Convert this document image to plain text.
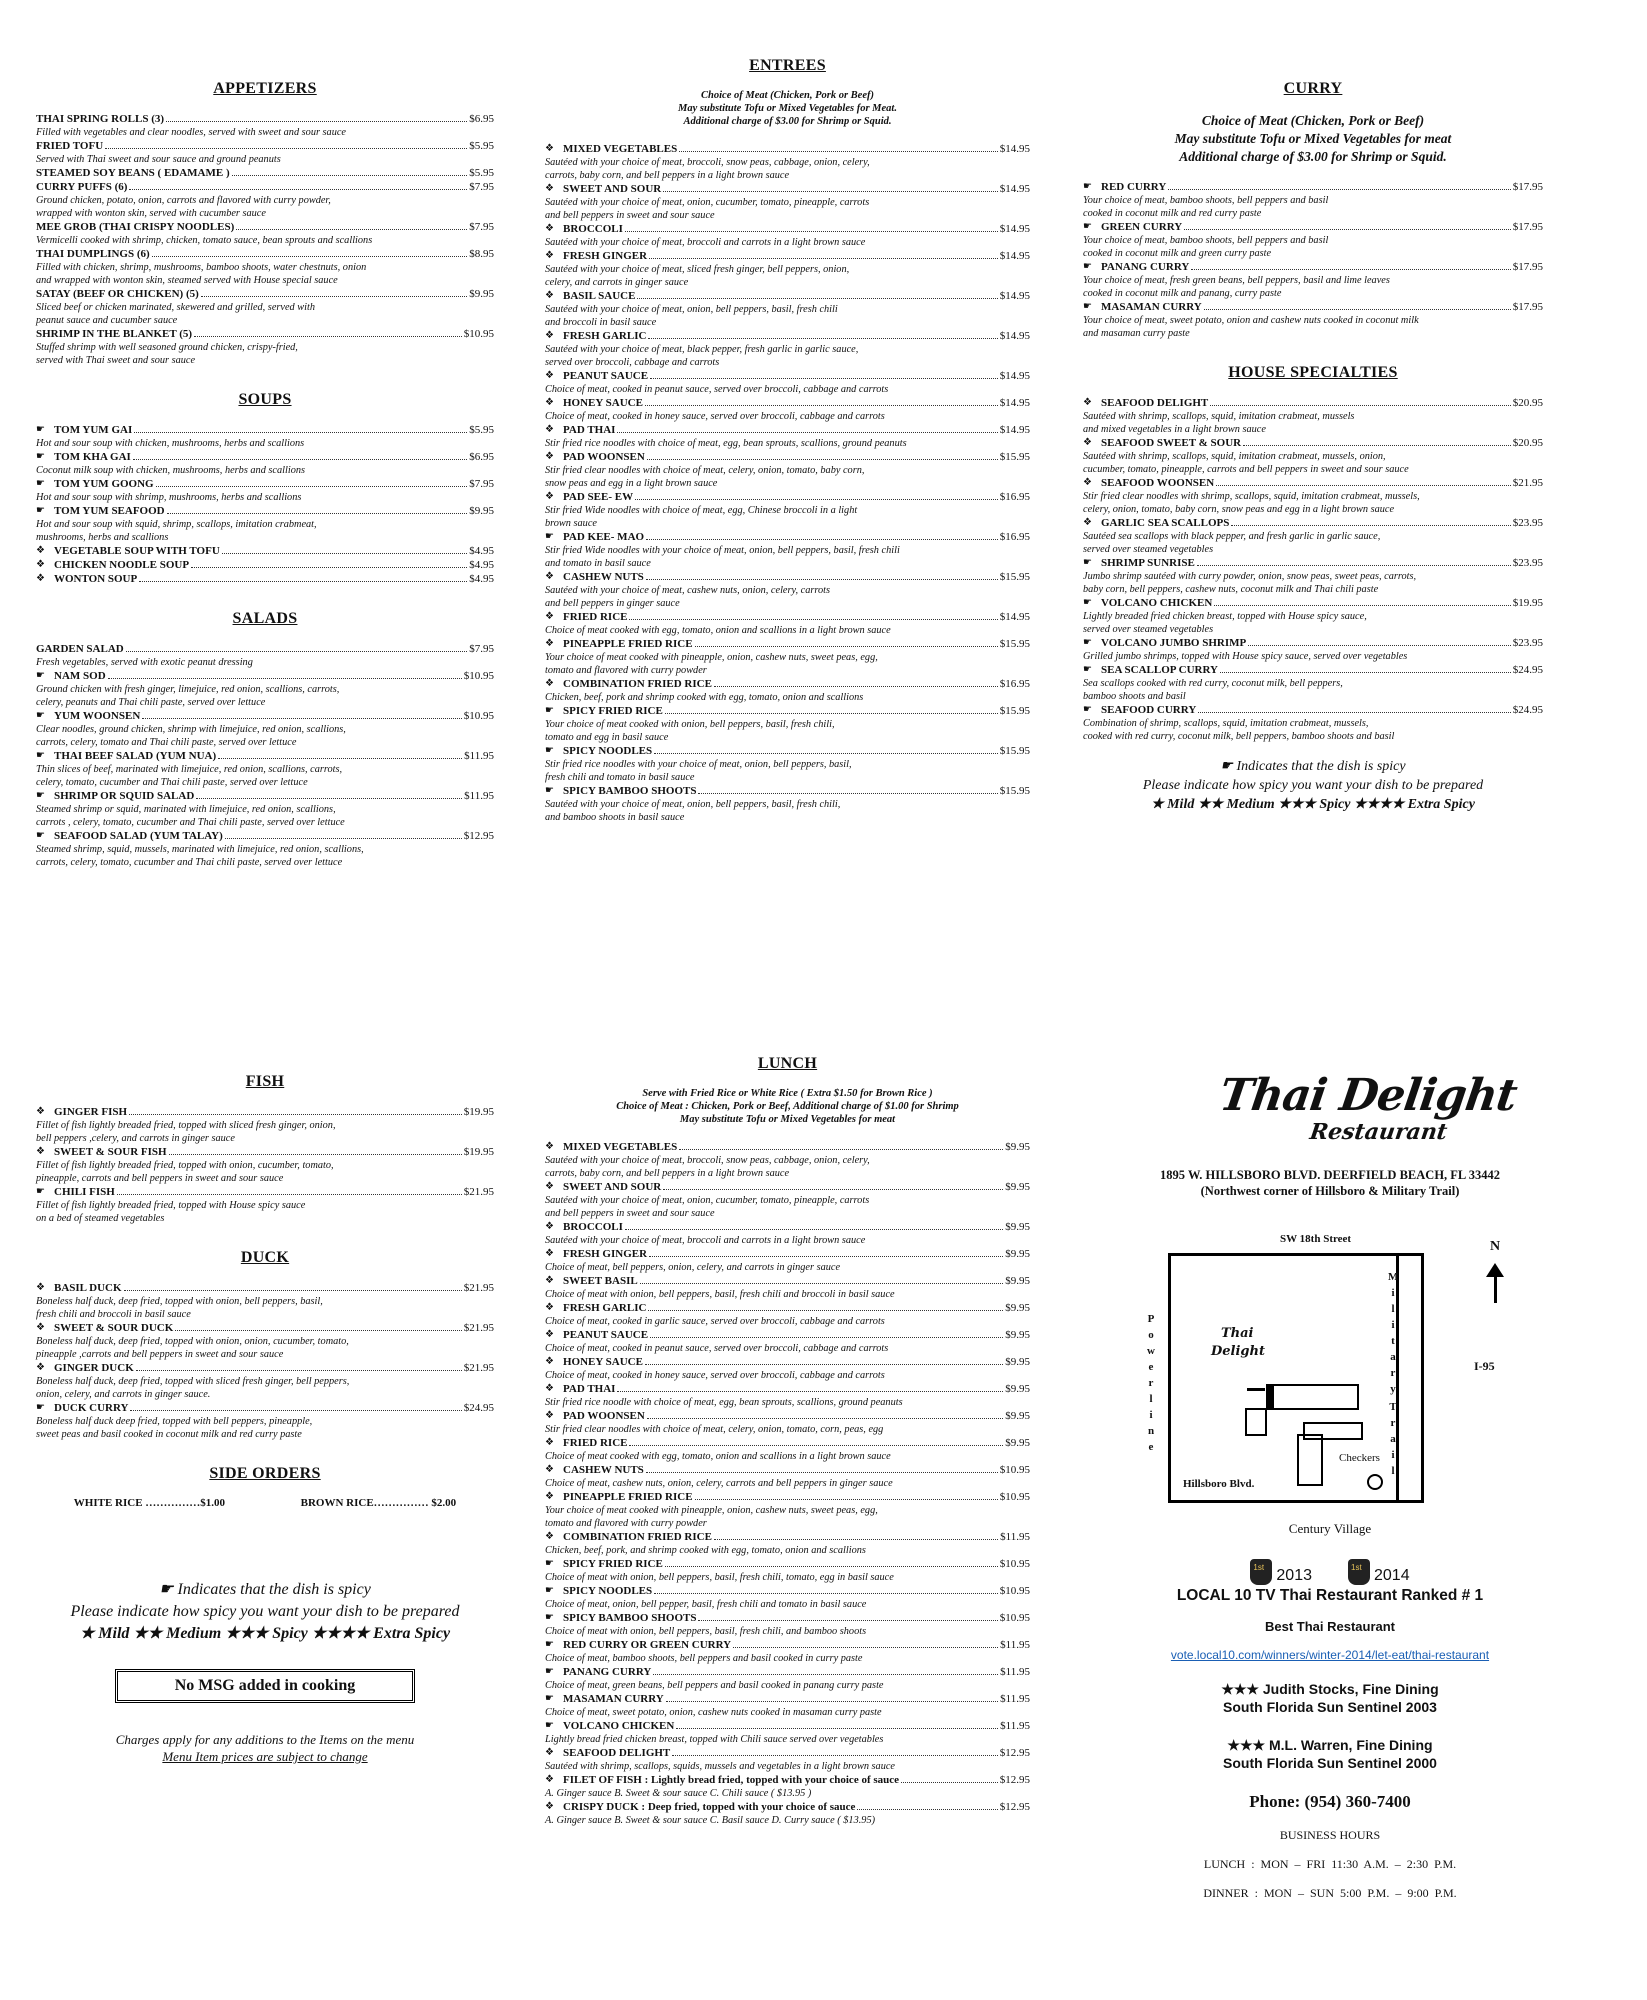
APPETIZERS
THAI SPRING ROLLS (3)	$6.95
Filled with vegetables and clear noodles, served with sweet and sour sauce
FRIED TOFU	$5.95
Served with Thai sweet and sour sauce and ground peanuts
STEAMED SOY BEANS ( EDAMAME )	$5.95
CURRY PUFFS (6)	$7.95
Ground chicken, potato, onion, carrots and flavored with curry powder,
wrapped with wonton skin, served with cucumber sauce
MEE GROB (THAI CRISPY NOODLES)	$7.95
Vermicelli cooked with shrimp, chicken, tomato sauce, bean sprouts and scallions
THAI DUMPLINGS (6)	$8.95
Filled with chicken, shrimp, mushrooms, bamboo shoots, water chestnuts, onion
and wrapped with wonton skin, steamed served with House special sauce
SATAY (BEEF OR CHICKEN) (5)	$9.95
Sliced beef or chicken marinated, skewered and grilled, served with
peanut sauce and cucumber sauce
SHRIMP IN THE BLANKET (5)	$10.95
Stuffed shrimp with well seasoned ground chicken, crispy-fried,
served with Thai sweet and sour sauce
SOUPS
☛ TOM YUM GAI	$5.95
Hot and sour soup with chicken, mushrooms, herbs and scallions
☛ TOM KHA GAI	$6.95
Coconut milk soup with chicken, mushrooms, herbs and scallions
☛ TOM YUM GOONG	$7.95
Hot and sour soup with shrimp, mushrooms, herbs and scallions
☛ TOM YUM SEAFOOD	$9.95
Hot and sour soup with squid, shrimp, scallops, imitation crabmeat,
mushrooms, herbs and scallions
❖ VEGETABLE SOUP WITH TOFU	$4.95
❖ CHICKEN NOODLE SOUP	$4.95
❖ WONTON SOUP	$4.95
SALADS
GARDEN SALAD	$7.95
Fresh vegetables, served with exotic peanut dressing
☛ NAM SOD	$10.95
Ground chicken with fresh ginger, limejuice, red onion, scallions, carrots,
celery, peanuts and Thai chili paste, served over lettuce
☛ YUM WOONSEN	$10.95
Clear noodles, ground chicken, shrimp with limejuice, red onion, scallions,
carrots, celery, tomato and Thai chili paste, served over lettuce
☛ THAI BEEF SALAD (YUM NUA)	$11.95
Thin slices of beef, marinated with limejuice, red onion, scallions, carrots,
celery, tomato, cucumber and Thai chili paste, served over lettuce
☛ SHRIMP OR SQUID SALAD	$11.95
Steamed shrimp or squid, marinated with limejuice, red onion, scallions,
carrots , celery, tomato, cucumber and Thai chili paste, served over lettuce
☛ SEAFOOD SALAD (YUM TALAY)	$12.95
Steamed shrimp, squid, mussels, marinated with limejuice, red onion, scallions,
carrots, celery, tomato, cucumber and Thai chili paste, served over lettuce
ENTREES
Choice of Meat (Chicken, Pork or Beef)
May substitute Tofu or Mixed Vegetables for Meat.
Additional charge of $3.00 for Shrimp or Squid.
❖ MIXED VEGETABLES	$14.95
Sautéed with your choice of meat, broccoli, snow peas, cabbage, onion, celery,
carrots, baby corn, and bell peppers in a light brown sauce
❖ SWEET AND SOUR	$14.95
Sautéed with your choice of meat, onion, cucumber, tomato, pineapple, carrots
and bell peppers in sweet and sour sauce
❖ BROCCOLI	$14.95
Sautéed with your choice of meat, broccoli and carrots in a light brown sauce
❖ FRESH GINGER	$14.95
Sautéed with your choice of meat, sliced fresh ginger, bell peppers, onion,
celery, and carrots in ginger sauce
❖ BASIL SAUCE	$14.95
Sautéed with your choice of meat, onion, bell peppers, basil, fresh chili
and broccoli in basil sauce
❖ FRESH GARLIC	$14.95
Sautéed with your choice of meat, black pepper, fresh garlic in garlic sauce,
served over broccoli, cabbage and carrots
❖ PEANUT SAUCE	$14.95
Choice of meat, cooked in peanut sauce, served over broccoli, cabbage and carrots
❖ HONEY SAUCE	$14.95
Choice of meat, cooked in honey sauce, served over broccoli, cabbage and carrots
❖ PAD THAI	$14.95
Stir fried rice noodles with choice of meat, egg, bean sprouts, scallions, ground peanuts
❖ PAD WOONSEN	$15.95
Stir fried clear noodles with choice of meat, celery, onion, tomato, baby corn,
snow peas and egg in a light brown sauce
❖ PAD SEE- EW	$16.95
Stir fried Wide noodles with choice of meat, egg, Chinese broccoli in a light
brown sauce
☛ PAD KEE- MAO	$16.95
Stir fried Wide noodles with your choice of meat, onion, bell peppers, basil, fresh chili
and tomato in basil sauce
❖ CASHEW NUTS	$15.95
Sautéed with your choice of meat, cashew nuts, onion, celery, carrots
and bell peppers in ginger sauce
❖ FRIED RICE	$14.95
Choice of meat cooked with egg, tomato, onion and scallions in a light brown sauce
❖ PINEAPPLE FRIED RICE	$15.95
Your choice of meat cooked with pineapple, onion, cashew nuts, sweet peas, egg,
tomato and flavored with curry powder
❖ COMBINATION FRIED RICE	$16.95
Chicken, beef, pork and shrimp cooked with egg, tomato, onion and scallions
☛ SPICY FRIED RICE	$15.95
Your choice of meat cooked with onion, bell peppers, basil, fresh chili,
tomato and egg in basil sauce
☛ SPICY NOODLES	$15.95
Stir fried rice noodles with your choice of meat, onion, bell peppers, basil,
fresh chili and tomato in basil sauce
☛ SPICY BAMBOO SHOOTS	$15.95
Sautéed with your choice of meat, onion, bell peppers, basil, fresh chili,
and bamboo shoots in basil sauce
CURRY
Choice of Meat (Chicken, Pork or Beef)
May substitute Tofu or Mixed Vegetables for meat
Additional charge of $3.00 for Shrimp or Squid.
☛ RED CURRY	$17.95
Your choice of meat, bamboo shoots, bell peppers and basil
cooked in coconut milk and red curry paste
☛ GREEN CURRY	$17.95
Your choice of meat, bamboo shoots, bell peppers and basil
cooked in coconut milk and green curry paste
☛ PANANG CURRY	$17.95
Your choice of meat, fresh green beans, bell peppers, basil and lime leaves
cooked in coconut milk and panang, curry paste
☛ MASAMAN CURRY	$17.95
Your choice of meat, sweet potato, onion and cashew nuts cooked in coconut milk
and masaman curry paste
HOUSE SPECIALTIES
❖ SEAFOOD DELIGHT	$20.95
Sautéed with shrimp, scallops, squid, imitation crabmeat, mussels
and mixed vegetables in a light brown sauce
❖ SEAFOOD SWEET & SOUR	$20.95
Sautéed with shrimp, scallops, squid, imitation crabmeat, mussels, onion,
cucumber, tomato, pineapple, carrots and bell peppers in sweet and sour sauce
❖ SEAFOOD WOONSEN	$21.95
Stir fried clear noodles with shrimp, scallops, squid, imitation crabmeat, mussels,
celery, onion, tomato, baby corn, snow peas and egg in a light brown sauce
❖ GARLIC SEA SCALLOPS	$23.95
Sautéed sea scallops with black pepper, and fresh garlic in garlic sauce,
served over steamed vegetables
☛ SHRIMP SUNRISE	$23.95
Jumbo shrimp sautéed with curry powder, onion, snow peas, sweet peas, carrots,
baby corn, bell peppers, cashew nuts, coconut milk and Thai chili paste
☛ VOLCANO CHICKEN	$19.95
Lightly breaded fried chicken breast, topped with House spicy sauce,
served over steamed vegetables
☛ VOLCANO JUMBO SHRIMP	$23.95
Grilled jumbo shrimps, topped with House spicy sauce, served over vegetables
☛ SEA SCALLOP CURRY	$24.95
Sea scallops cooked with red curry, coconut milk, bell peppers,
bamboo shoots and basil
☛ SEAFOOD CURRY	$24.95
Combination of shrimp, scallops, squid, imitation crabmeat, mussels,
cooked with red curry, coconut milk, bell peppers, bamboo shoots and basil
☛ Indicates that the dish is spicy
Please indicate how spicy you want your dish to be prepared
★ Mild ★★ Medium ★★★ Spicy ★★★★ Extra Spicy
FISH
❖ GINGER FISH	$19.95
Fillet of fish lightly breaded fried, topped with sliced fresh ginger, onion,
bell peppers ,celery, and carrots in ginger sauce
❖ SWEET & SOUR FISH	$19.95
Fillet of fish lightly breaded fried, topped with onion, cucumber, tomato,
pineapple, carrots and bell peppers in sweet and sour sauce
☛ CHILI FISH	$21.95
Fillet of fish lightly breaded fried, topped with House spicy sauce
on a bed of steamed vegetables
DUCK
❖ BASIL DUCK	$21.95
Boneless half duck, deep fried, topped with onion, bell peppers, basil,
fresh chili and broccoli in basil sauce
❖ SWEET & SOUR DUCK	$21.95
Boneless half duck, deep fried, topped with onion, onion, cucumber, tomato,
pineapple ,carrots and bell peppers in sweet and sour sauce
❖ GINGER DUCK	$21.95
Boneless half duck, deep fried, topped with sliced fresh ginger, bell peppers,
onion, celery, and carrots in ginger sauce.
☛ DUCK CURRY	$24.95
Boneless half duck deep fried, topped with bell peppers, pineapple,
sweet peas and basil cooked in coconut milk and red curry paste
SIDE ORDERS
WHITE RICE ……………$1.00	BROWN RICE…………… $2.00
☛ Indicates that the dish is spicy
Please indicate how spicy you want your dish to be prepared
★ Mild ★★ Medium ★★★ Spicy ★★★★ Extra Spicy
No MSG added in cooking
Charges apply for any additions to the Items on the menu
Menu Item prices are subject to change
LUNCH
Serve with Fried Rice or White Rice ( Extra $1.50 for Brown Rice )
Choice of Meat : Chicken, Pork or Beef, Additional charge of $1.00 for Shrimp
May substitute Tofu or Mixed Vegetables for meat
❖ MIXED VEGETABLES	$9.95
Sautéed with your choice of meat, broccoli, snow peas, cabbage, onion, celery,
carrots, baby corn, and bell peppers in a light brown sauce
❖ SWEET AND SOUR	$9.95
Sautéed with your choice of meat, onion, cucumber, tomato, pineapple, carrots
and bell peppers in sweet and sour sauce
❖ BROCCOLI	$9.95
Sautéed with your choice of meat, broccoli and carrots in a light brown sauce
❖ FRESH GINGER	$9.95
Choice of meat, bell peppers, onion, celery, and carrots in ginger sauce
❖ SWEET BASIL	$9.95
Choice of meat with onion, bell peppers, basil, fresh chili and broccoli in basil sauce
❖ FRESH GARLIC	$9.95
Choice of meat, cooked in garlic sauce, served over broccoli, cabbage and carrots
❖ PEANUT SAUCE	$9.95
Choice of meat, cooked in peanut sauce, served over broccoli, cabbage and carrots
❖ HONEY SAUCE	$9.95
Choice of meat, cooked in honey sauce, served over broccoli, cabbage and carrots
❖ PAD THAI	$9.95
Stir fried rice noodle with choice of meat, egg, bean sprouts, scallions, ground peanuts
❖ PAD WOONSEN	$9.95
Stir fried clear noodles with choice of meat, celery, onion, tomato, corn, peas, egg
❖ FRIED RICE	$9.95
Choice of meat cooked with egg, tomato, onion and scallions in a light brown sauce
❖ CASHEW NUTS	$10.95
Choice of meat, cashew nuts, onion, celery, carrots and bell peppers in ginger sauce
❖ PINEAPPLE FRIED RICE	$10.95
Your choice of meat cooked with pineapple, onion, cashew nuts, sweet peas, egg,
tomato and flavored with curry powder
❖ COMBINATION FRIED RICE	$11.95
Chicken, beef, pork, and shrimp cooked with egg, tomato, onion and scallions
☛ SPICY FRIED RICE	$10.95
Choice of meat with onion, bell peppers, basil, fresh chili, tomato, egg in basil sauce
☛ SPICY NOODLES	$10.95
Choice of meat, onion, bell pepper, basil, fresh chili and tomato in basil sauce
☛ SPICY BAMBOO SHOOTS	$10.95
Choice of meat with onion, bell peppers, basil, fresh chili, and bamboo shoots
☛ RED CURRY OR GREEN CURRY	$11.95
Choice of meat, bamboo shoots, bell peppers and basil cooked in curry paste
☛ PANANG CURRY	$11.95
Choice of meat, green beans, bell peppers and basil cooked in panang curry paste
☛ MASAMAN CURRY	$11.95
Choice of meat, sweet potato, onion, cashew nuts cooked in masaman curry paste
☛ VOLCANO CHICKEN	$11.95
Lightly bread fried chicken breast, topped with Chili sauce served over vegetables
❖ SEAFOOD DELIGHT	$12.95
Sautéed with shrimp, scallops, squids, mussels and vegetables in a light brown sauce
❖ FILET OF FISH : Lightly bread fried, topped with your choice of sauce	$12.95
A. Ginger sauce B. Sweet & sour sauce C. Chili sauce ( $13.95 )
❖ CRISPY DUCK : Deep fried, topped with your choice of sauce	$12.95
A. Ginger sauce B. Sweet & sour sauce C. Basil sauce D. Curry sauce ( $13.95)
Thai Delight
Restaurant
1895 W. HILLSBORO BLVD. DEERFIELD BEACH, FL 33442
(Northwest corner of Hillsboro & Military Trail)
SW 18th Street
Thai
Delight
Hillsboro Blvd.
Checkers
P
o
w
e
r
l
i
n
e
M
i
l
i
t
a
r
y
T
r
a
i
l
I-95
N
Century Village
1st2013
1st	2014
LOCAL 10 TV Thai Restaurant Ranked # 1
Best Thai Restaurant
vote.local10.com/winners/winter-2014/let-eat/thai-restaurant
★★★ Judith Stocks, Fine Dining
South Florida Sun Sentinel 2003
★★★ M.L. Warren, Fine Dining
South Florida Sun Sentinel 2000
Phone: (954) 360-7400
BUSINESS HOURS
LUNCH : MON – FRI 11:30 A.M. – 2:30 P.M.
DINNER : MON – SUN 5:00 P.M. – 9:00 P.M.
